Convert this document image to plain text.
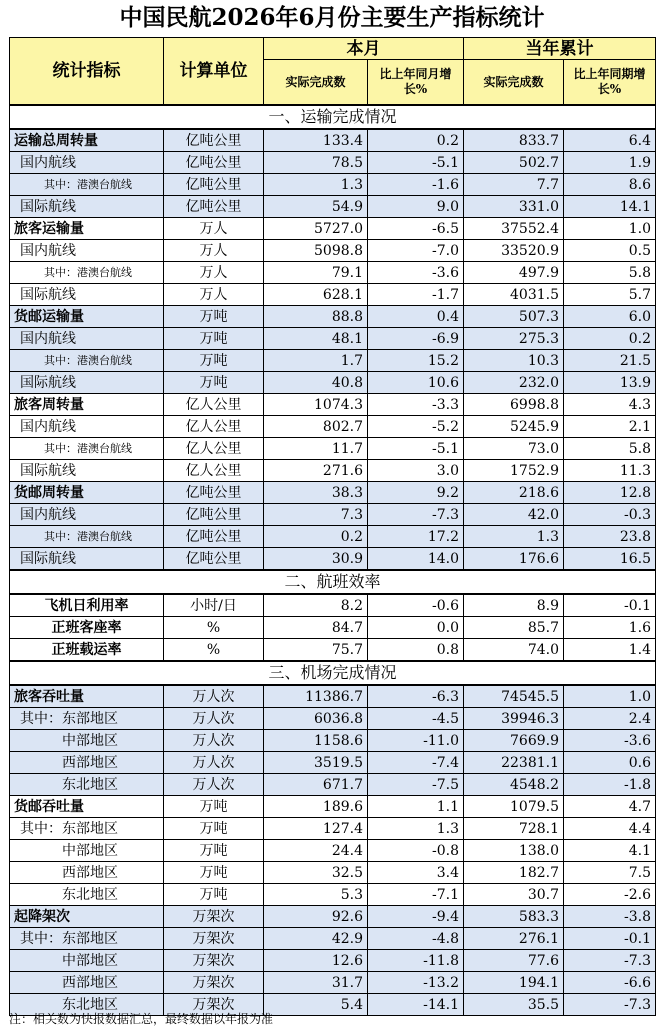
中国民航2026年6月份主要生产指标统计
统计指标	计算单位	本月		当年累计	
		实际完成数	比上年同月增长%	实际完成数	比上年同期增长%
一、运输完成情况					
运输总周转量	亿吨公里	133.4	0.2	833.7	6.4
国内航线	亿吨公里	78.5	-5.1	502.7	1.9
其中：港澳台航线	亿吨公里	1.3	-1.6	7.7	8.6
国际航线	亿吨公里	54.9	9.0	331.0	14.1
旅客运输量	万人	5727.0	-6.5	37552.4	1.0
国内航线	万人	5098.8	-7.0	33520.9	0.5
其中：港澳台航线	万人	79.1	-3.6	497.9	5.8
国际航线	万人	628.1	-1.7	4031.5	5.7
货邮运输量	万吨	88.8	0.4	507.3	6.0
国内航线	万吨	48.1	-6.9	275.3	0.2
其中：港澳台航线	万吨	1.7	15.2	10.3	21.5
国际航线	万吨	40.8	10.6	232.0	13.9
旅客周转量	亿人公里	1074.3	-3.3	6998.8	4.3
国内航线	亿人公里	802.7	-5.2	5245.9	2.1
其中：港澳台航线	亿人公里	11.7	-5.1	73.0	5.8
国际航线	亿人公里	271.6	3.0	1752.9	11.3
货邮周转量	亿吨公里	38.3	9.2	218.6	12.8
国内航线	亿吨公里	7.3	-7.3	42.0	-0.3
其中：港澳台航线	亿吨公里	0.2	17.2	1.3	23.8
国际航线	亿吨公里	30.9	14.0	176.6	16.5
二、航班效率					
飞机日利用率	小时/日	8.2	-0.6	8.9	-0.1
正班客座率	%	84.7	0.0	85.7	1.6
正班载运率	%	75.7	0.8	74.0	1.4
三、机场完成情况					
旅客吞吐量	万人次	11386.7	-6.3	74545.5	1.0
其中：东部地区	万人次	6036.8	-4.5	39946.3	2.4
中部地区	万人次	1158.6	-11.0	7669.9	-3.6
西部地区	万人次	3519.5	-7.4	22381.1	0.6
东北地区	万人次	671.7	-7.5	4548.2	-1.8
货邮吞吐量	万吨	189.6	1.1	1079.5	4.7
其中：东部地区	万吨	127.4	1.3	728.1	4.4
中部地区	万吨	24.4	-0.8	138.0	4.1
西部地区	万吨	32.5	3.4	182.7	7.5
东北地区	万吨	5.3	-7.1	30.7	-2.6
起降架次	万架次	92.6	-9.4	583.3	-3.8
其中：东部地区	万架次	42.9	-4.8	276.1	-0.1
中部地区	万架次	12.6	-11.8	77.6	-7.3
西部地区	万架次	31.7	-13.2	194.1	-6.6
东北地区	万架次	5.4	-14.1	35.5	-7.3
注：相关数为快报数据汇总，最终数据以年报为准
